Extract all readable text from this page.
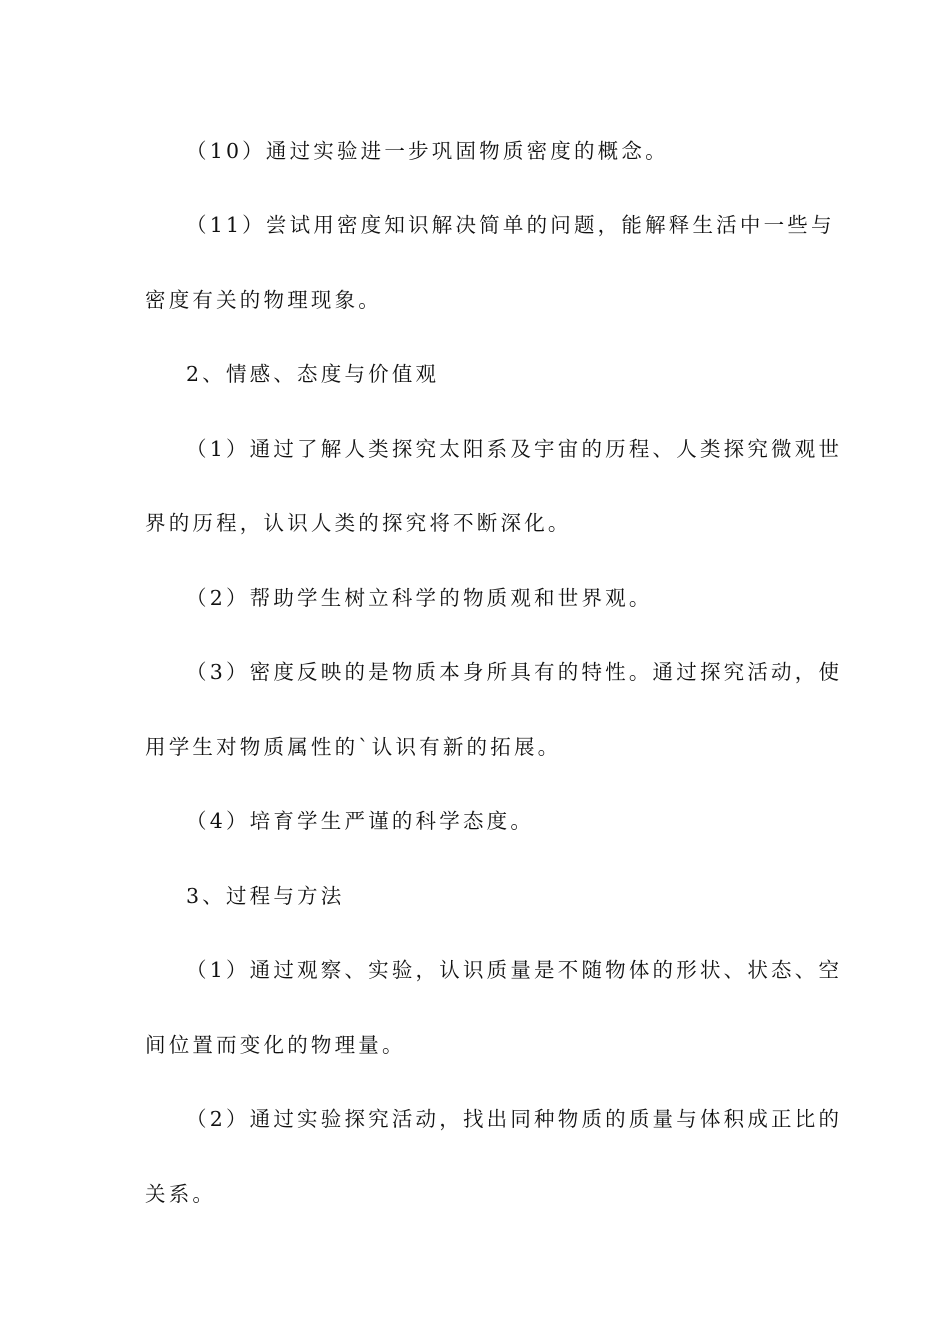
（10）通过实验进一步巩固物质密度的概念。
（11）尝试用密度知识解决简单的问题，能解释生活中一些与
密度有关的物理现象。
2、情感、态度与价值观
（1）通过了解人类探究太阳系及宇宙的历程、人类探究微观世
界的历程，认识人类的探究将不断深化。
（2）帮助学生树立科学的物质观和世界观。
（3）密度反映的是物质本身所具有的特性。通过探究活动，使
用学生对物质属性的`认识有新的拓展。
（4）培育学生严谨的科学态度。
3、过程与方法
（1）通过观察、实验，认识质量是不随物体的形状、状态、空
间位置而变化的物理量。
（2）通过实验探究活动，找出同种物质的质量与体积成正比的
关系。
